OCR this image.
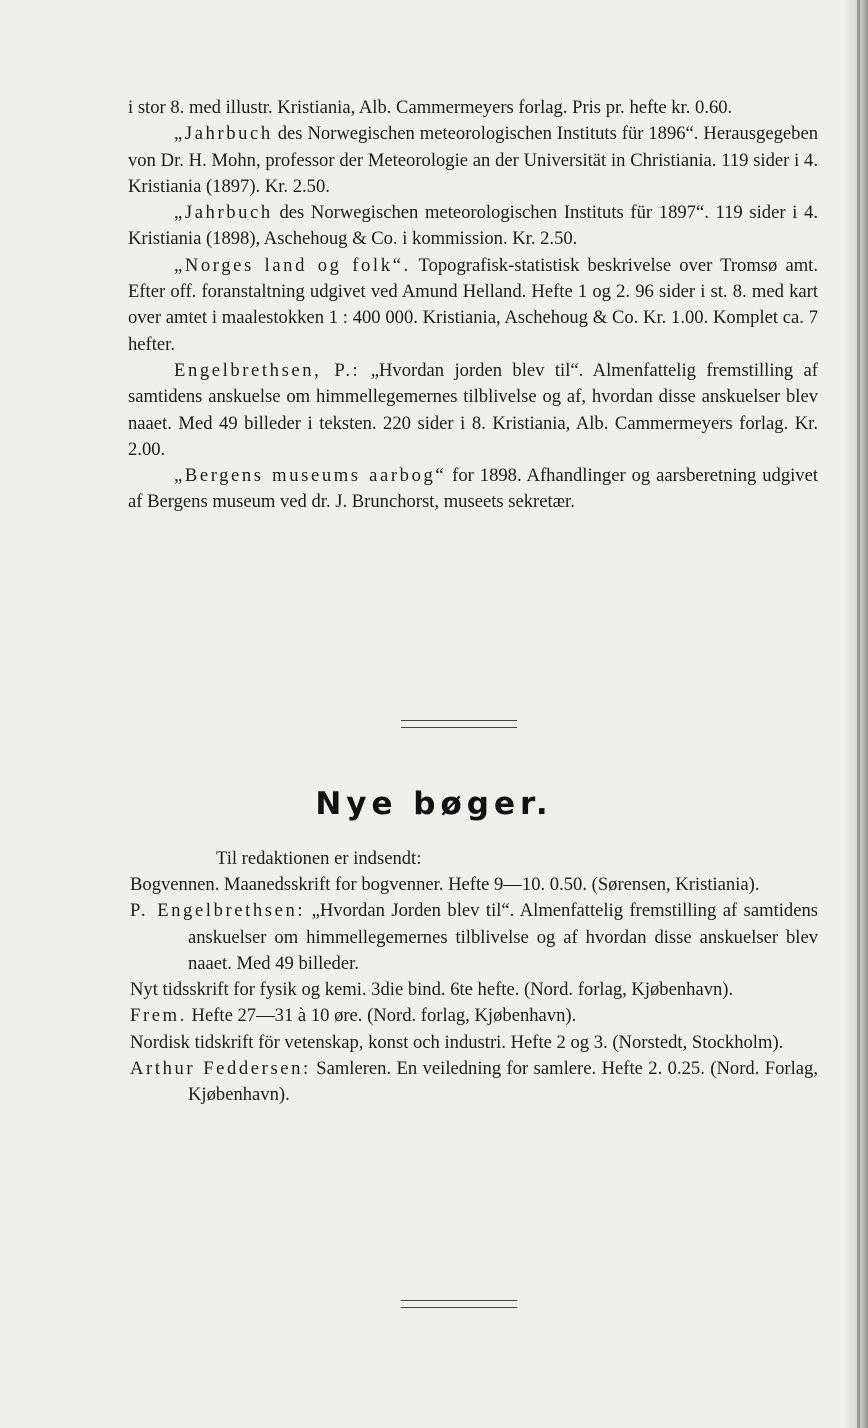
i stor 8. med illustr. Kristiania, Alb. Cammermeyers forlag. Pris pr. hefte kr. 0.60.

„Jahrbuch des Norwegischen meteorologischen Instituts für 1896“. Herausgegeben von Dr. H. Mohn, professor der Meteorologie an der Universität in Christiania. 119 sider i 4. Kristiania (1897). Kr. 2.50.

„Jahrbuch des Norwegischen meteorologischen Instituts für 1897“. 119 sider i 4. Kristiania (1898), Aschehoug & Co. i kommission. Kr. 2.50.

„Norges land og folk“. Topografisk-statistisk beskrivelse over Tromsø amt. Efter off. foranstaltning udgivet ved Amund Helland. Hefte 1 og 2. 96 sider i st. 8. med kart over amtet i maalestokken 1 : 400 000. Kristiania, Aschehoug & Co. Kr. 1.00. Komplet ca. 7 hefter.

Engelbrethsen, P.: „Hvordan jorden blev til“. Almenfattelig fremstilling af samtidens anskuelse om himmellegemernes tilblivelse og af, hvordan disse anskuelser blev naaet. Med 49 billeder i teksten. 220 sider i 8. Kristiania, Alb. Cammermeyers forlag. Kr. 2.00.

„Bergens museums aarbog“ for 1898. Afhandlinger og aarsberetning udgivet af Bergens museum ved dr. J. Brunchorst, museets sekretær.

Nye bøger.
Til redaktionen er indsendt:

Bogvennen. Maanedsskrift for bogvenner. Hefte 9—10. 0.50. (Sørensen, Kristiania).

P. Engelbrethsen: „Hvordan Jorden blev til“. Almenfattelig fremstilling af samtidens anskuelser om himmellegemernes tilblivelse og af hvordan disse anskuelser blev naaet. Med 49 billeder.

Nyt tidsskrift for fysik og kemi. 3die bind. 6te hefte. (Nord. forlag, Kjøbenhavn).

Frem. Hefte 27—31 à 10 øre. (Nord. forlag, Kjøbenhavn).

Nordisk tidskrift för vetenskap, konst och industri. Hefte 2 og 3. (Norstedt, Stockholm).

Arthur Feddersen: Samleren. En veiledning for samlere. Hefte 2. 0.25. (Nord. Forlag, Kjøbenhavn).
